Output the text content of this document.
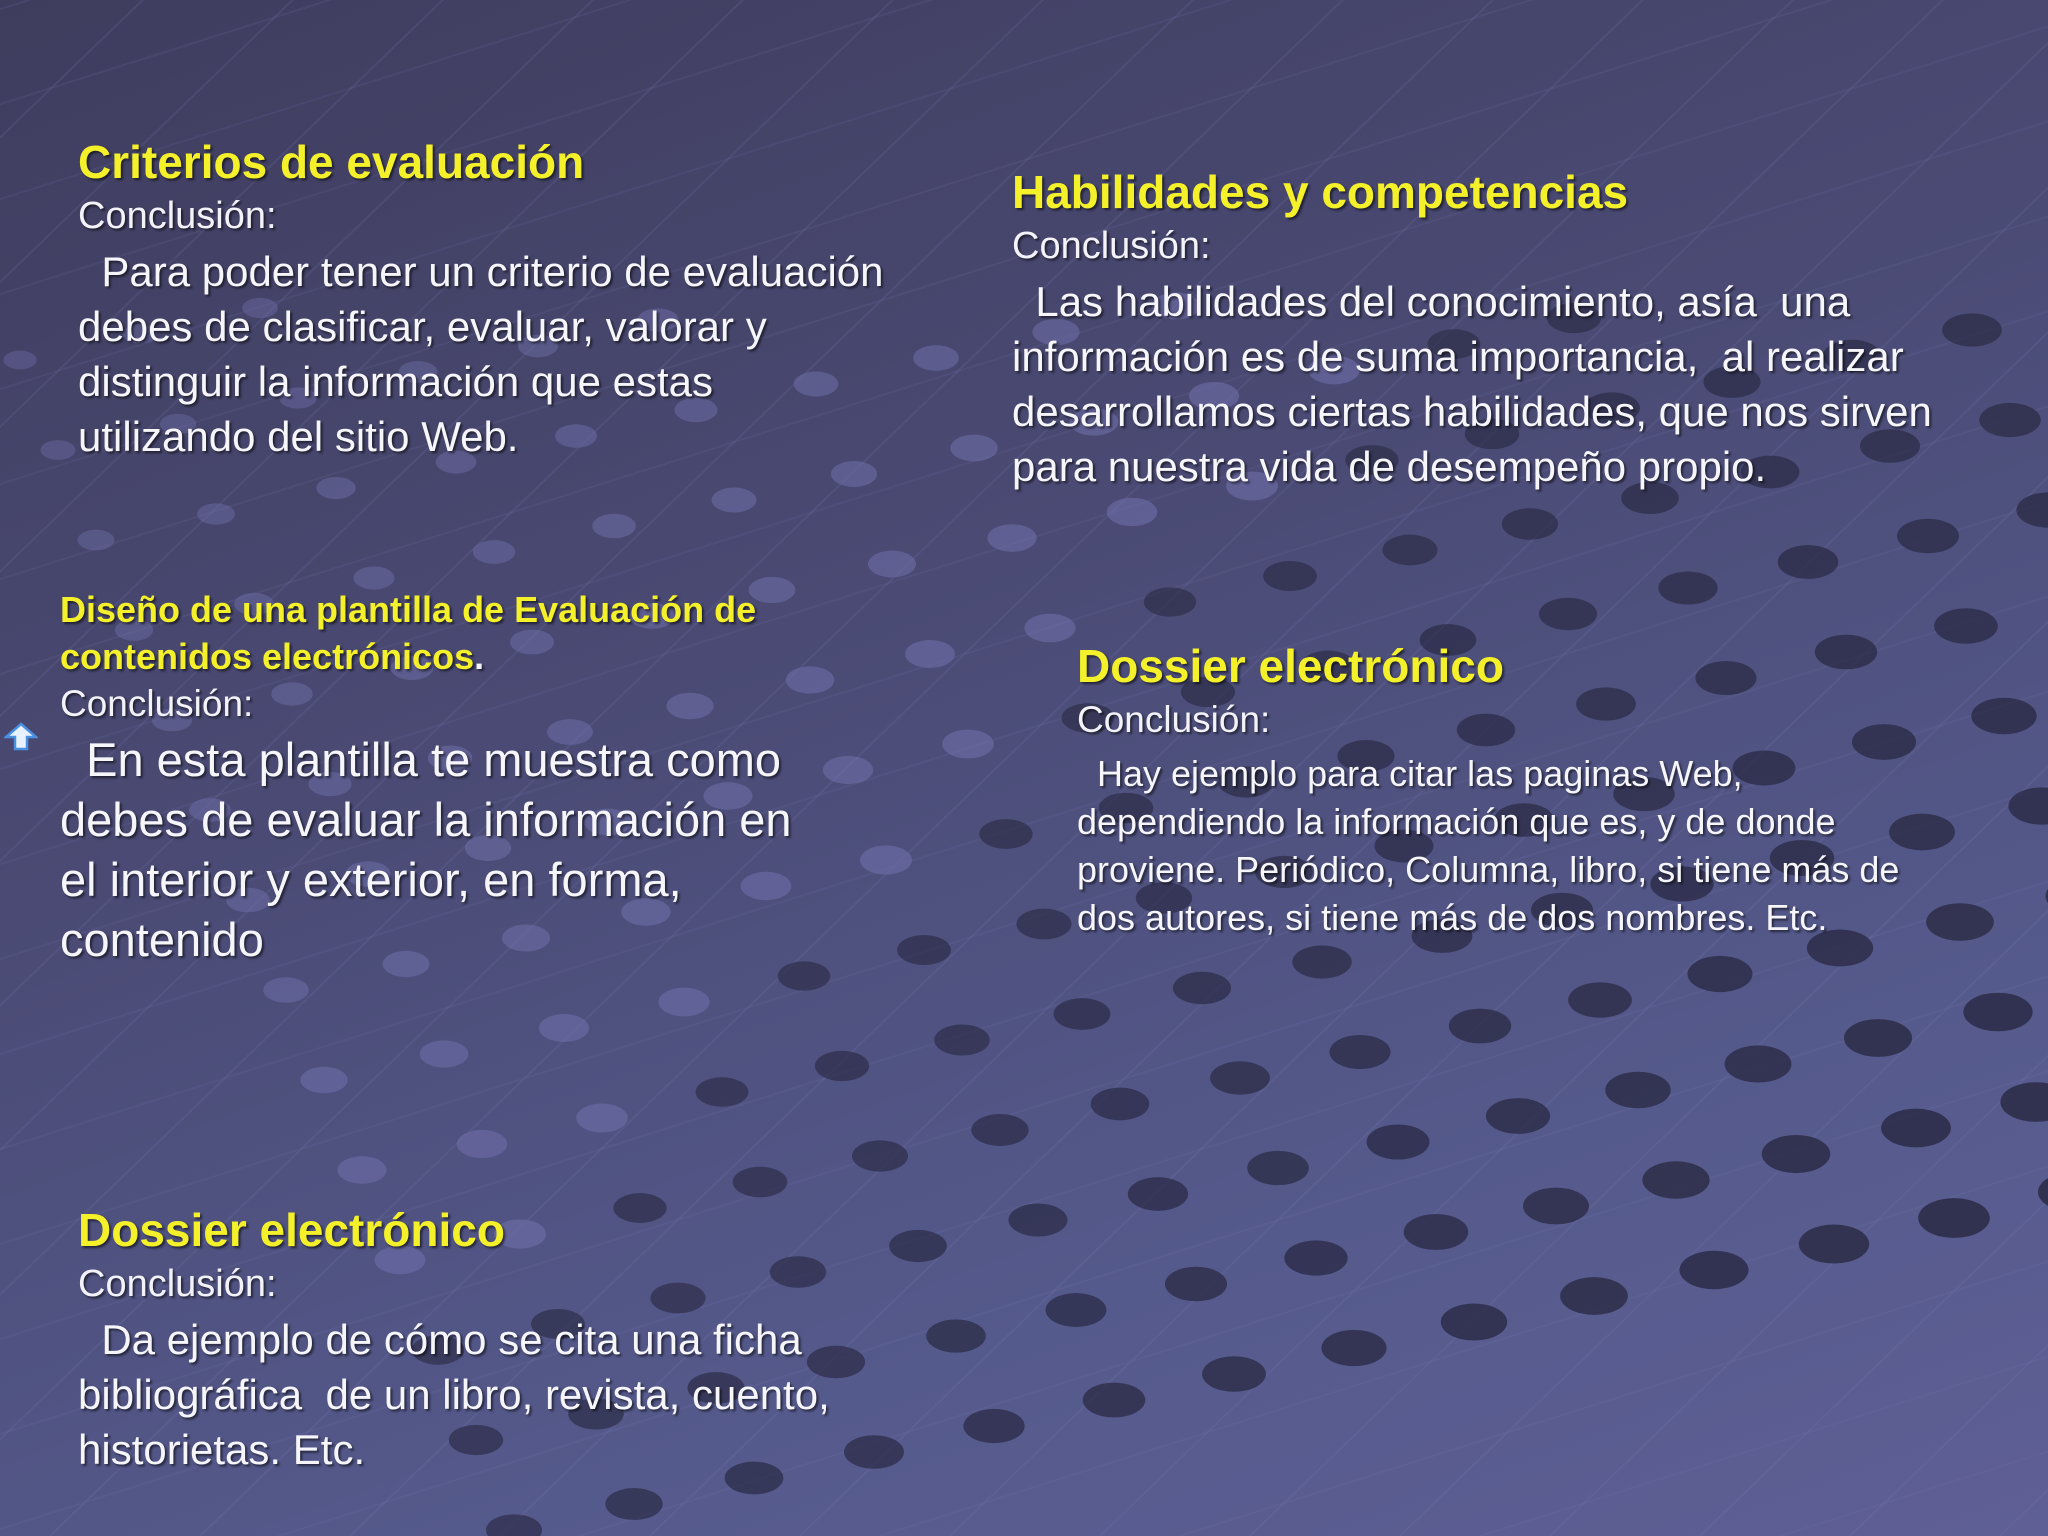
Criterios de evaluación
Conclusión:
Para poder tener un criterio de evaluación
debes de clasificar, evaluar, valorar y
distinguir la información que estas
utilizando del sitio Web.
Habilidades y competencias
Conclusión:
Las habilidades del conocimiento, asía  una
información es de suma importancia,  al realizar
desarrollamos ciertas habilidades, que nos sirven
para nuestra vida de desempeño propio.
Diseño de una plantilla de Evaluación de
contenidos electrónicos.
Conclusión:
En esta plantilla te muestra como
debes de evaluar la información en
el interior y exterior, en forma,
contenido
Dossier electrónico
Conclusión:
Hay ejemplo para citar las paginas Web,
dependiendo la información que es, y de donde
proviene. Periódico, Columna, libro, si tiene más de
dos autores, si tiene más de dos nombres. Etc.
Dossier electrónico
Conclusión:
Da ejemplo de cómo se cita una ficha
bibliográfica  de un libro, revista, cuento,
historietas. Etc.
